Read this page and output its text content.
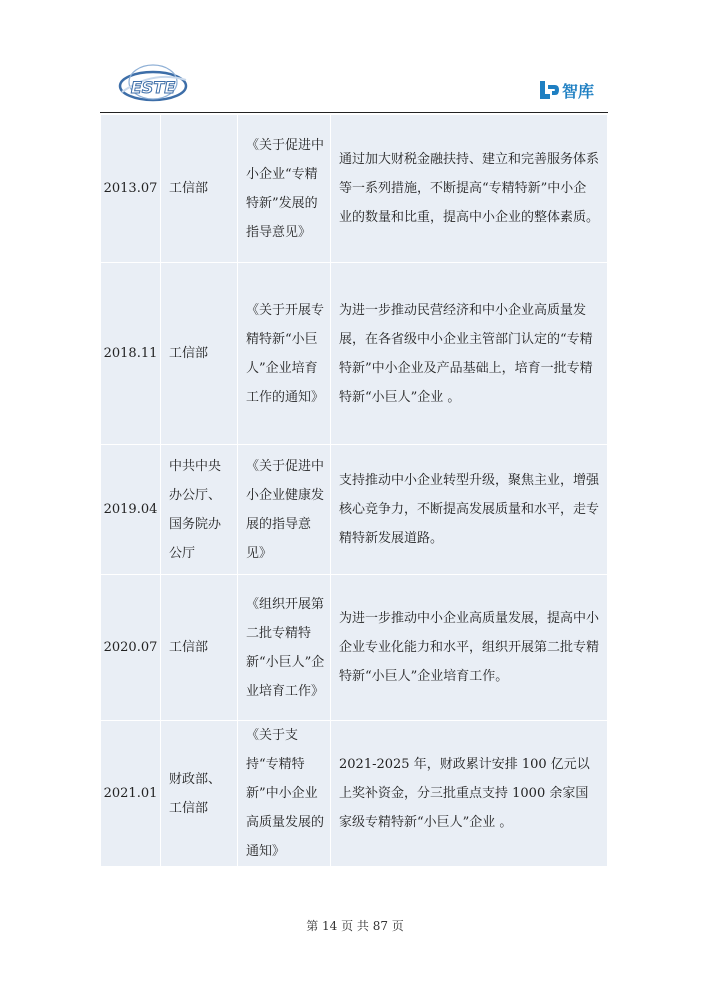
ESTE	智库
2013.07	工信部	《关于促进中小企业“专精特新”发展的指导意见》	通过加大财税金融扶持、建立和完善服务体系等一系列措施，不断提高“专精特新”中小企业的数量和比重，提高中小企业的整体素质。
2018.11	工信部	《关于开展专精特新“小巨人”企业培育工作的通知》	为进一步推动民营经济和中小企业高质量发展，在各省级中小企业主管部门认定的“专精特新”中小企业及产品基础上，培育一批专精特新“小巨人”企业 。
2019.04	中共中央办公厅、国务院办公厅	《关于促进中小企业健康发展的指导意见》	支持推动中小企业转型升级，聚焦主业，增强核心竞争力，不断提高发展质量和水平，走专精特新发展道路。
2020.07	工信部	《组织开展第二批专精特新“小巨人”企业培育工作》	为进一步推动中小企业高质量发展，提高中小企业专业化能力和水平，组织开展第二批专精特新“小巨人”企业培育工作。
2021.01	财政部、工信部	《关于支持“专精特新”中小企业高质量发展的通知》	2021-2025 年，财政累计安排 100 亿元以上奖补资金，分三批重点支持 1000 余家国家级专精特新“小巨人”企业 。
第 14 页 共 87 页
